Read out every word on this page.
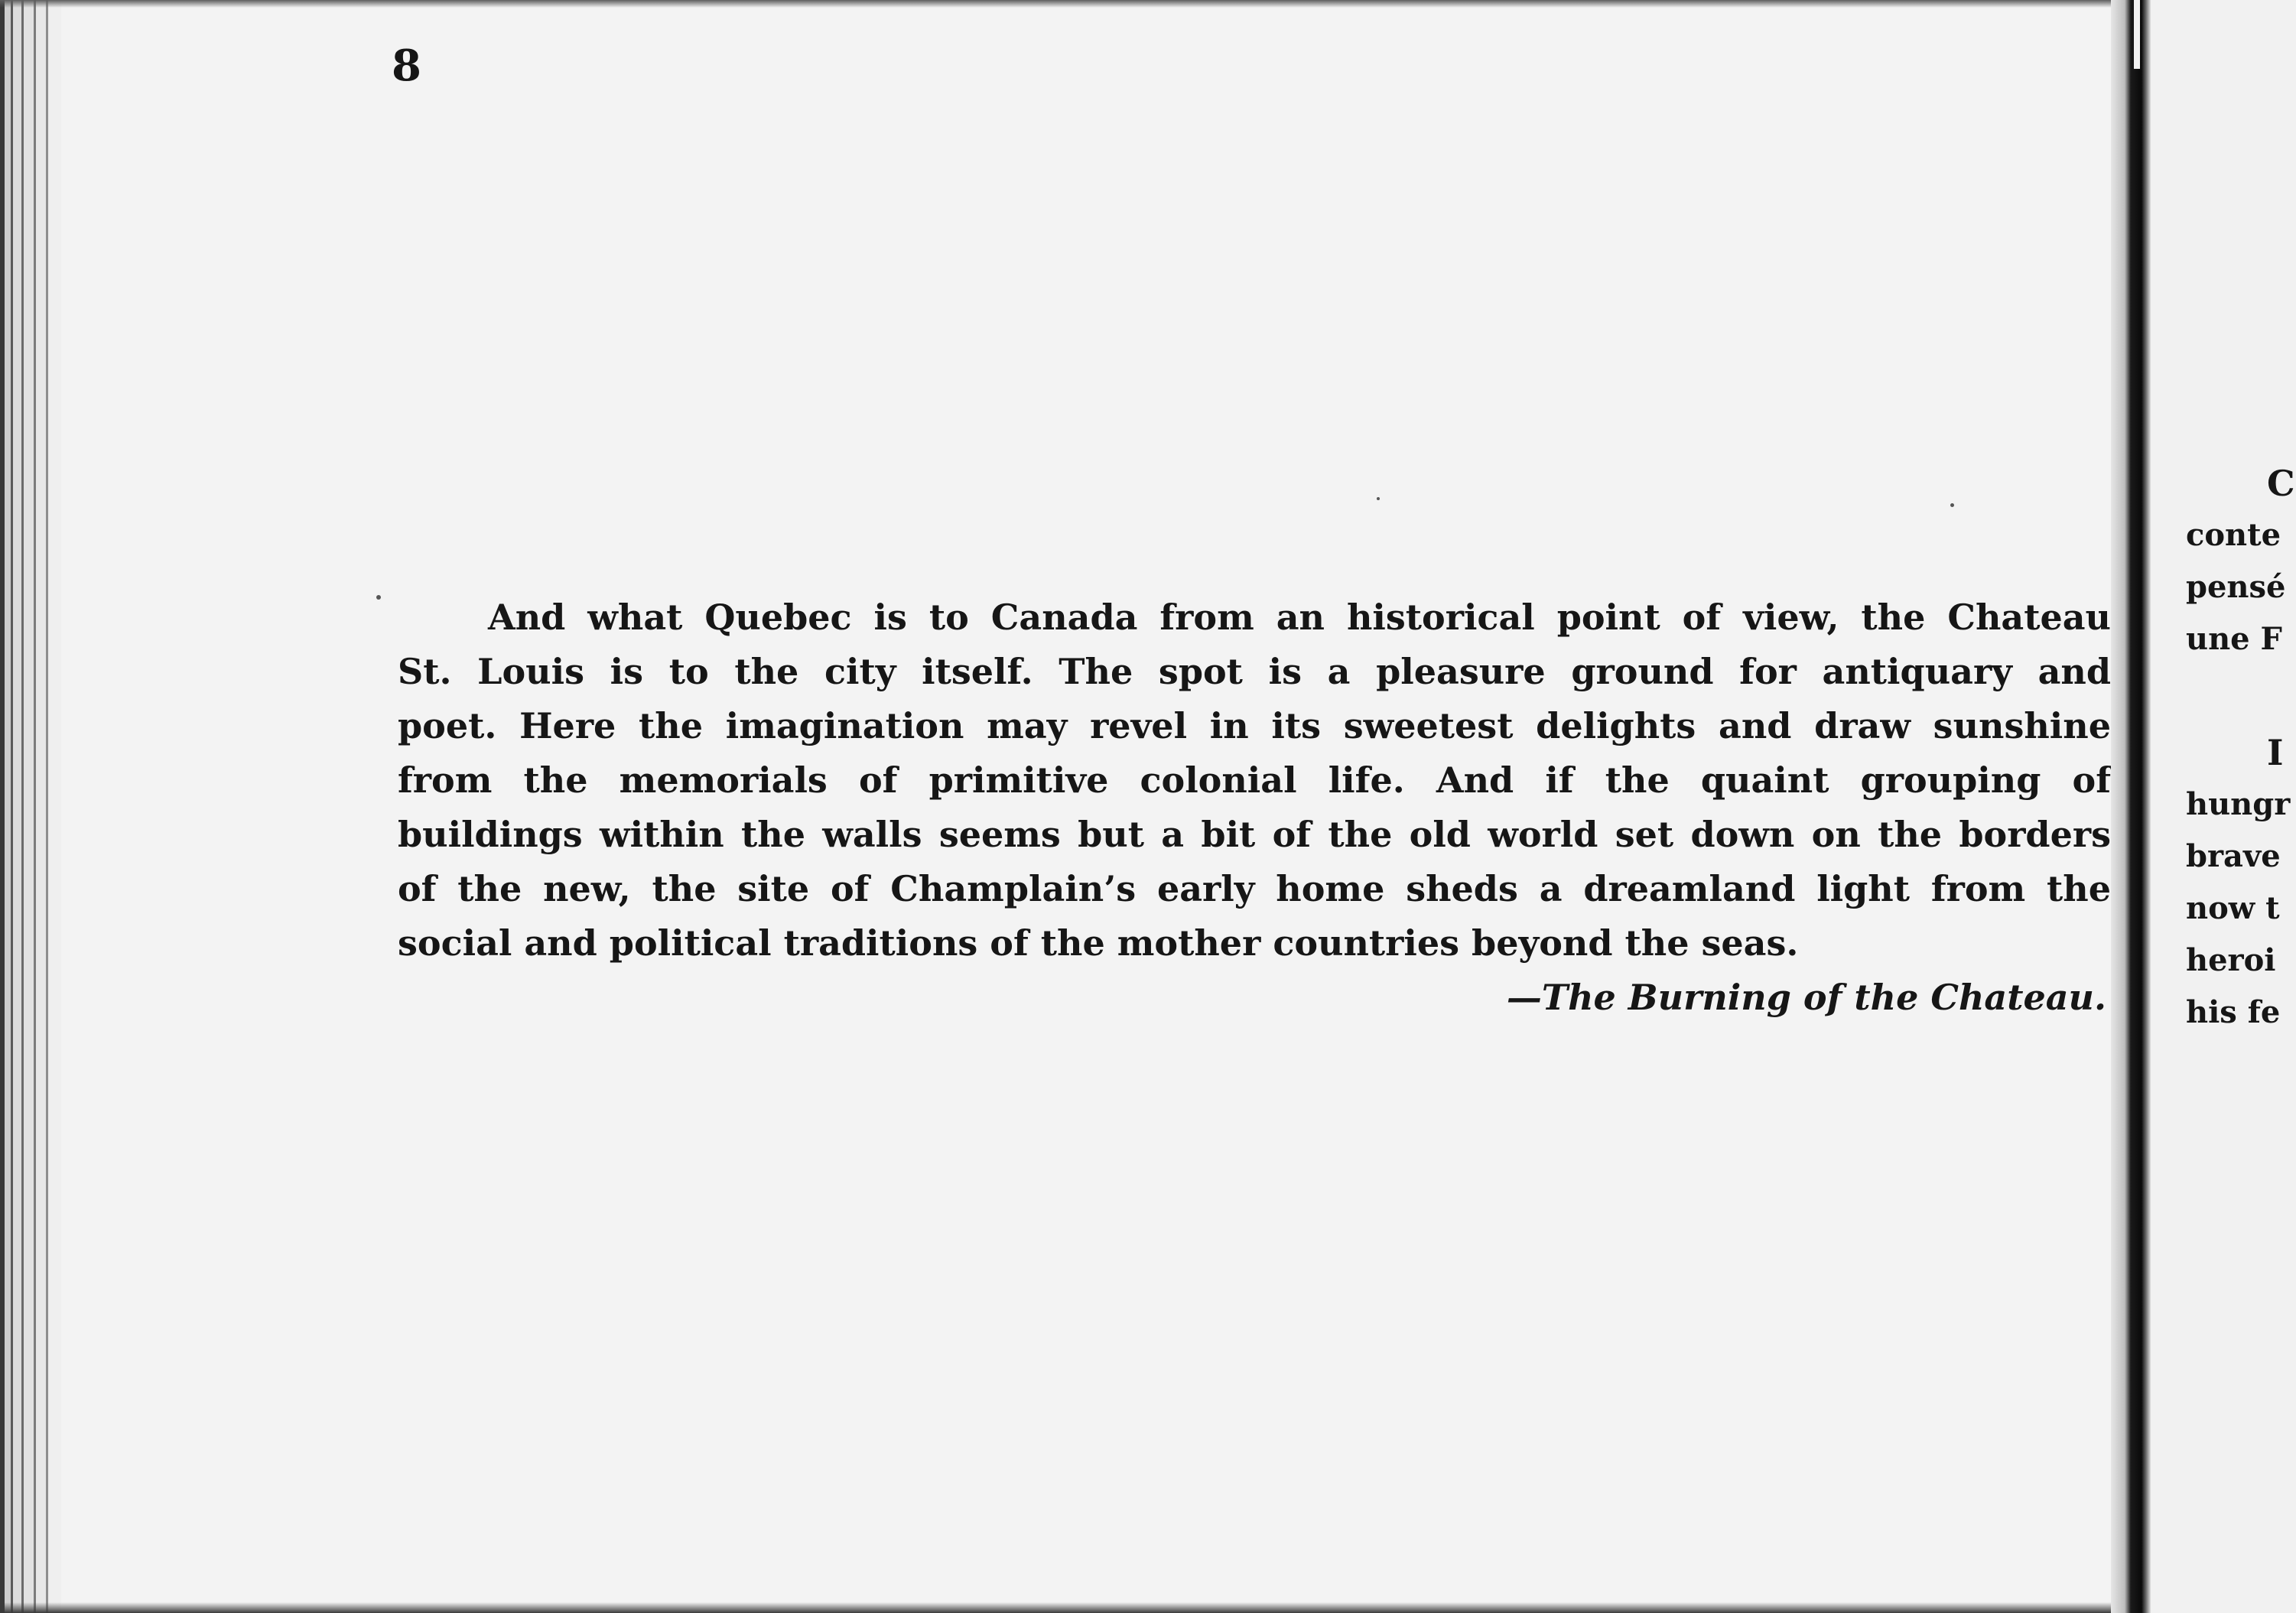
8
And what Quebec is to Canada from an historical point of view, the Chateau
St. Louis is to the city itself. The spot is a pleasure ground for antiquary and
poet. Here the imagination may revel in its sweetest delights and draw sunshine
from the memorials of primitive colonial life. And if the quaint grouping of
buildings within the walls seems but a bit of the old world set down on the borders
of the new, the site of Champlain’s early home sheds a dreamland light from the
social and political traditions of the mother countries beyond the seas.
—The Burning of the Chateau.
C
conte
pensé
une F
I
hungr
brave
now t
heroi
his fe
